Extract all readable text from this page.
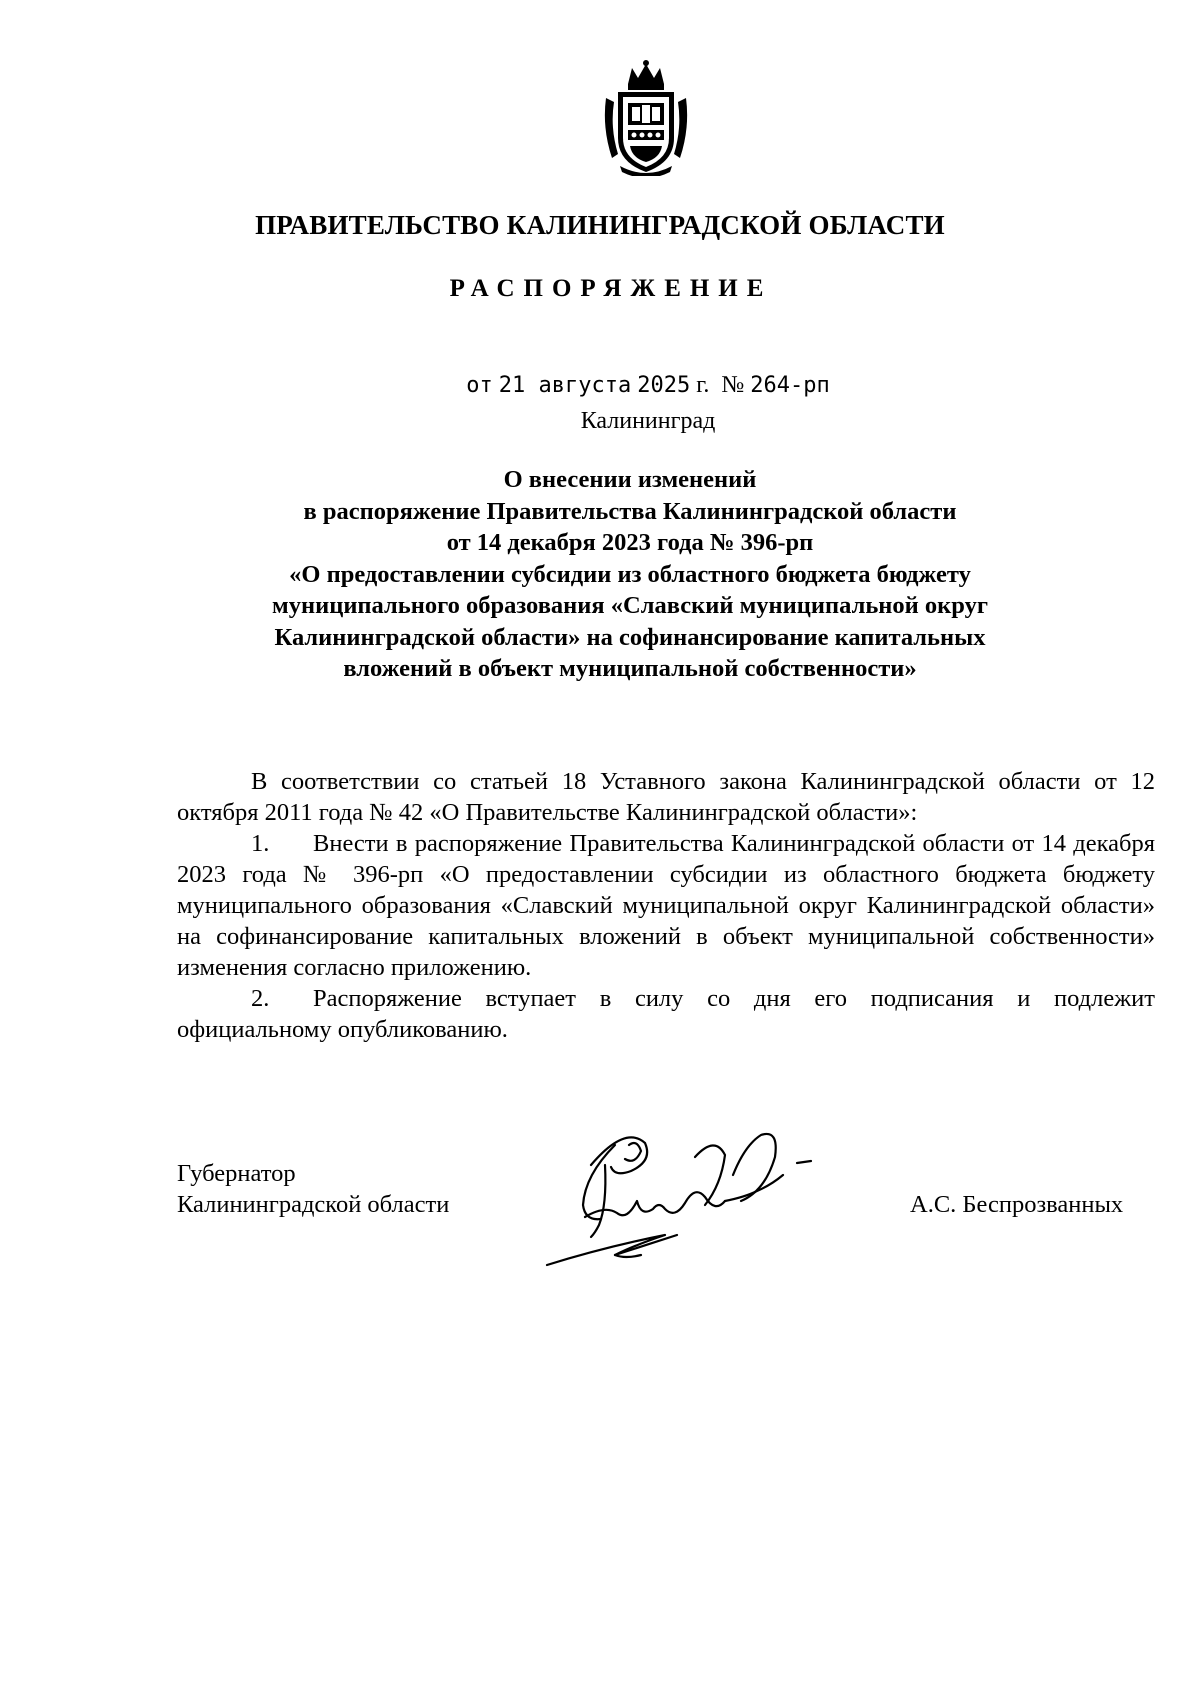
ПРАВИТЕЛЬСТВО КАЛИНИНГРАДСКОЙ ОБЛАСТИ
РАСПОРЯЖЕНИЕ
от 21 августа 2025 г. № 264-рп
Калининград
О внесении изменений
в распоряжение Правительства Калининградской области
от 14 декабря 2023 года № 396-рп
«О предоставлении субсидии из областного бюджета бюджету
муниципального образования «Славский муниципальной округ
Калининградской области» на софинансирование капитальных
вложений в объект муниципальной собственности»

В соответствии со статьей 18 Уставного закона Калининградской области от 12 октября 2011 года № 42 «О Правительстве Калининградской области»:

1. Внести в распоряжение Правительства Калининградской области от 14 декабря 2023 года № 396-рп «О предоставлении субсидии из областного бюджета бюджету муниципального образования «Славский муниципальной округ Калининградской области» на софинансирование капитальных вложений в объект муниципальной собственности» изменения согласно приложению.

2. Распоряжение вступает в силу со дня его подписания и подлежит официальному опубликованию.

Губернатор
Калининградской области	А.С. Беспрозванных
